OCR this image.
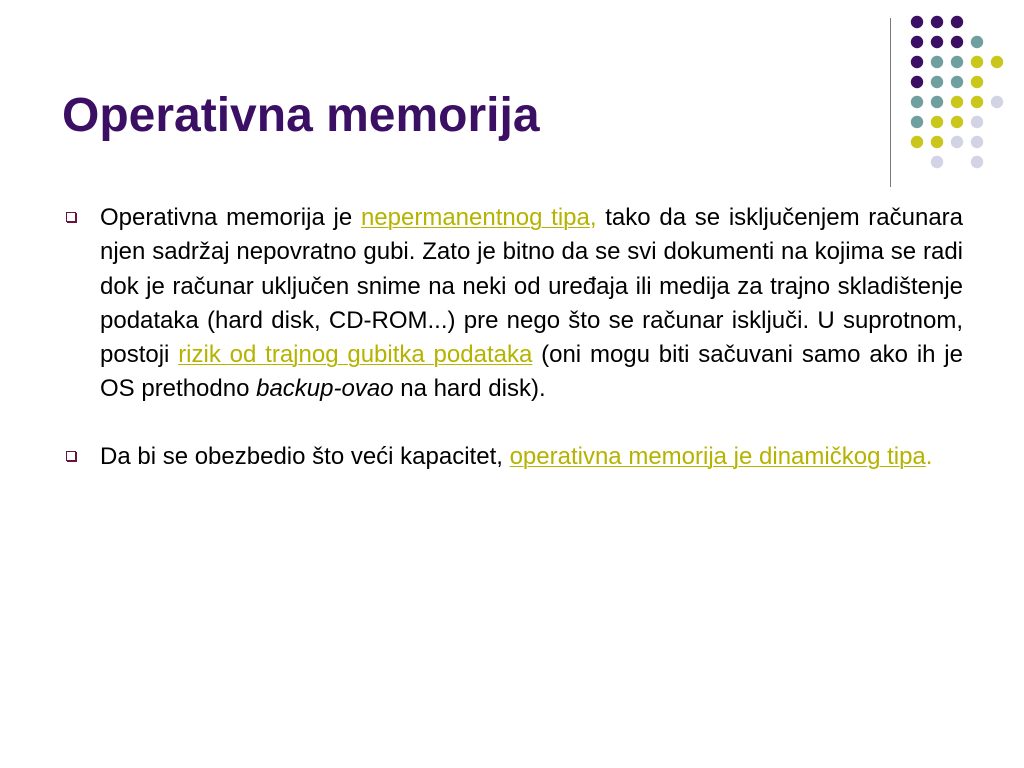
Operativna memorija
Operativna memorija je nepermanentnog tipa, tako da se isključenjem računara njen sadržaj nepovratno gubi. Zato je bitno da se svi dokumenti na kojima se radi dok je računar uključen snime na neki od uređaja ili medija za trajno skladištenje podataka (hard disk, CD-ROM...) pre nego što se računar isključi. U suprotnom, postoji rizik od trajnog gubitka podataka (oni mogu biti sačuvani samo ako ih je OS prethodno backup-ovao na hard disk).
Da bi se obezbedio što veći kapacitet, operativna memorija je dinamičkog tipa.
